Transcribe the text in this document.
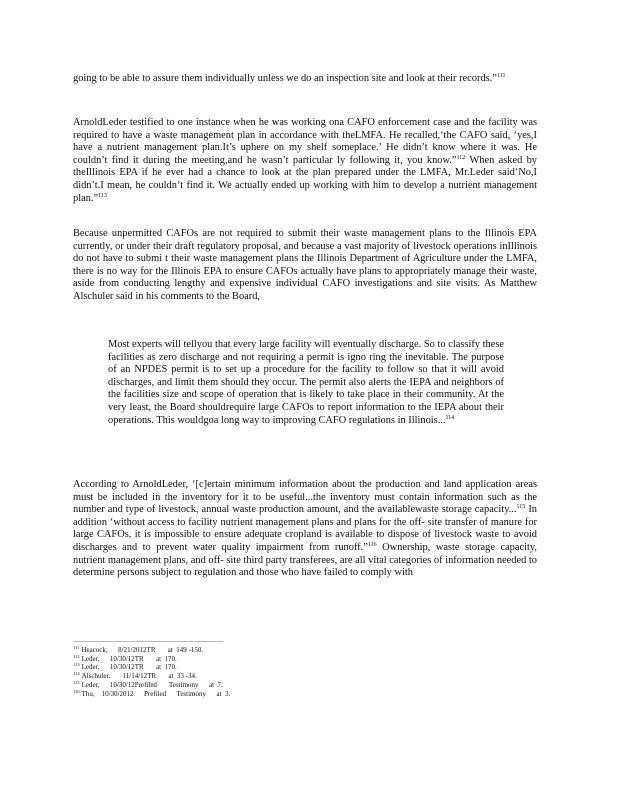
going to be able to assure them individually unless we do an inspection site and look at their records.”$^{111}$

ArnoldLeder testified to one instance when he was working ona CAFO enforcement case and the facility was required to have a waste management plan in accordance with theLMFA. He recalled,‘the CAFO said, ‘yes,I have a nutrient management plan.It’s uphere on my shelf someplace.’ He didn’t know where it was. He couldn’t find it during the meeting,and he wasn’t particular ly following it, you know.”$^{112}$ When asked by theIllinois EPA if he ever had a chance to look at the plan prepared under the LMFA, Mr.Leder said‘No,I didn’t.I mean, he couldn’t find it. We actually ended up working with him to develop a nutrient management plan.”$^{113}$

Because unpermitted CAFOs are not required to submit their waste management plans to the Illinois EPA currently, or under their draft regulatory proposal, and because a vast majority of livestock operations inIllinois do not have to submi t their waste management plans the Illinois Department of Agriculture under the LMFA, there is no way for the Illinois EPA to ensure CAFOs actually have plans to appropriately manage their waste, aside from conducting lengthy and expensive individual CAFO investigations and site visits. As Matthew Alschuler said in his comments to the Board,

Most experts will tellyou that every large facility will eventually discharge. So to classify these facilities as zero discharge and not requiring a permit is igno ring the inevitable. The purpose of an NPDES permit is to set up a procedure for the facility to follow so that it will avoid discharges, and limit them should they occur. The permit also alerts the IEPA and neighbors of the facilities size and scope of operation that is likely to take place in their community. At the very least, the Board shouldrequire large CAFOs to report information to the IEPA about their operations. This wouldgoa long way to improving CAFO regulations in Illinois...$^{114}$

According to ArnoldLeder, ‘[c]ertain minimum information about the production and land application areas must be included in the inventory for it to be useful...the inventory must contain information such as the number and type of livestock, annual waste production amount, and the availablewaste storage capacity...$^{115}$ In addition ‘without access to facility nutrient management plans and plans for the off- site transfer of manure for large CAFOs, it is impossible to ensure adequate cropland is available to dispose of livestock waste to avoid discharges and to prevent water quality impairment from runoff.”$^{116}$ Ownership, waste storage capacity, nutrient management plans, and off- site third party transferees, are all vital categories of information needed to determine persons subject to regulation and those who have failed to comply with

$^{111}$ Heacock,      8/21/2012TR       at  149 -150.
$^{112}$ Leder,      10/30/12TR       at  170.
$^{113}$ Leder,      10/30/12TR       at  170.
$^{114}$ Alschuler,       11/14/12TR       at  33 -34.
$^{115}$ Leder,      10/30/12Prefiled       Testimony      at  7.
$^{116}$ Thu,    10/30/2012      Prefiled      Testimony      at  3.
